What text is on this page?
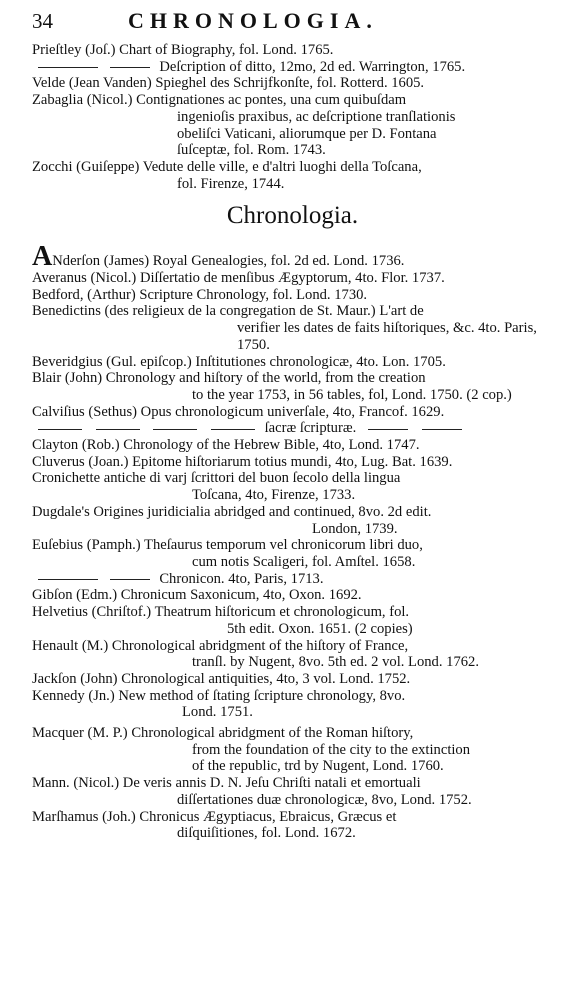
34	CHRONOLOGIA.
Prieſtley (Joſ.) Chart of Biography, fol. Lond. 1765.
Deſcription of ditto, 12mo, 2d ed. Warrington, 1765.
Velde (Jean Vanden) Spieghel des Schrijfkonſte, fol. Rotterd. 1605.
Zabaglia (Nicol.) Contignationes ac pontes, una cum quibuſdam
ingenioſis praxibus, ac deſcriptione tranſlationis
obeliſci Vaticani, aliorumque per D. Fontana
ſuſceptæ, fol. Rom. 1743.
Zocchi (Guiſeppe) Vedute delle ville, e d'altri luoghi della Toſcana,
fol. Firenze, 1744.
Chronologia.
ANderſon (James) Royal Genealogies, fol. 2d ed. Lond. 1736.
Averanus (Nicol.) Diſſertatio de menſibus Ægyptorum, 4to. Flor. 1737.
Bedford, (Arthur) Scripture Chronology, fol. Lond. 1730.
Benedictins (des religieux de la congregation de St. Maur.) L'art de
verifier les dates de faits hiſtoriques, &c. 4to. Paris, 1750.
Beveridgius (Gul. epiſcop.) Inſtitutiones chronologicæ, 4to. Lon. 1705.
Blair (John) Chronology and hiſtory of the world, from the creation
to the year 1753, in 56 tables, fol, Lond. 1750. (2 cop.)
Calviſius (Sethus) Opus chronologicum univerſale, 4to, Francof. 1629.
ſacræ ſcripturæ.
Clayton (Rob.) Chronology of the Hebrew Bible, 4to, Lond. 1747.
Cluverus (Joan.) Epitome hiſtoriarum totius mundi, 4to, Lug. Bat. 1639.
Cronichette antiche di varj ſcrittori del buon ſecolo della lingua
Toſcana, 4to, Firenze, 1733.
Dugdale's Origines juridicialia abridged and continued, 8vo. 2d edit.
London, 1739.
Euſebius (Pamph.) Theſaurus temporum vel chronicorum libri duo,
cum notis Scaligeri, fol. Amſtel. 1658.
Chronicon. 4to, Paris, 1713.
Gibſon (Edm.) Chronicum Saxonicum, 4to, Oxon. 1692.
Helvetius (Chriſtof.) Theatrum hiſtoricum et chronologicum, fol.
5th edit. Oxon. 1651. (2 copies)
Henault (M.) Chronological abridgment of the hiſtory of France,
tranſl. by Nugent, 8vo. 5th ed. 2 vol. Lond. 1762.
Jackſon (John) Chronological antiquities, 4to, 3 vol. Lond. 1752.
Kennedy (Jn.) New method of ſtating ſcripture chronology, 8vo.
Lond. 1751.
Macquer (M. P.) Chronological abridgment of the Roman hiſtory,
from the foundation of the city to the extinction
of the republic, trd by Nugent, Lond. 1760.
Mann. (Nicol.) De veris annis D. N. Jeſu Chriſti natali et emortuali
diſſertationes duæ chronologicæ, 8vo, Lond. 1752.
Marſhamus (Joh.) Chronicus Ægyptiacus, Ebraicus, Græcus et
diſquiſitiones, fol. Lond. 1672.
